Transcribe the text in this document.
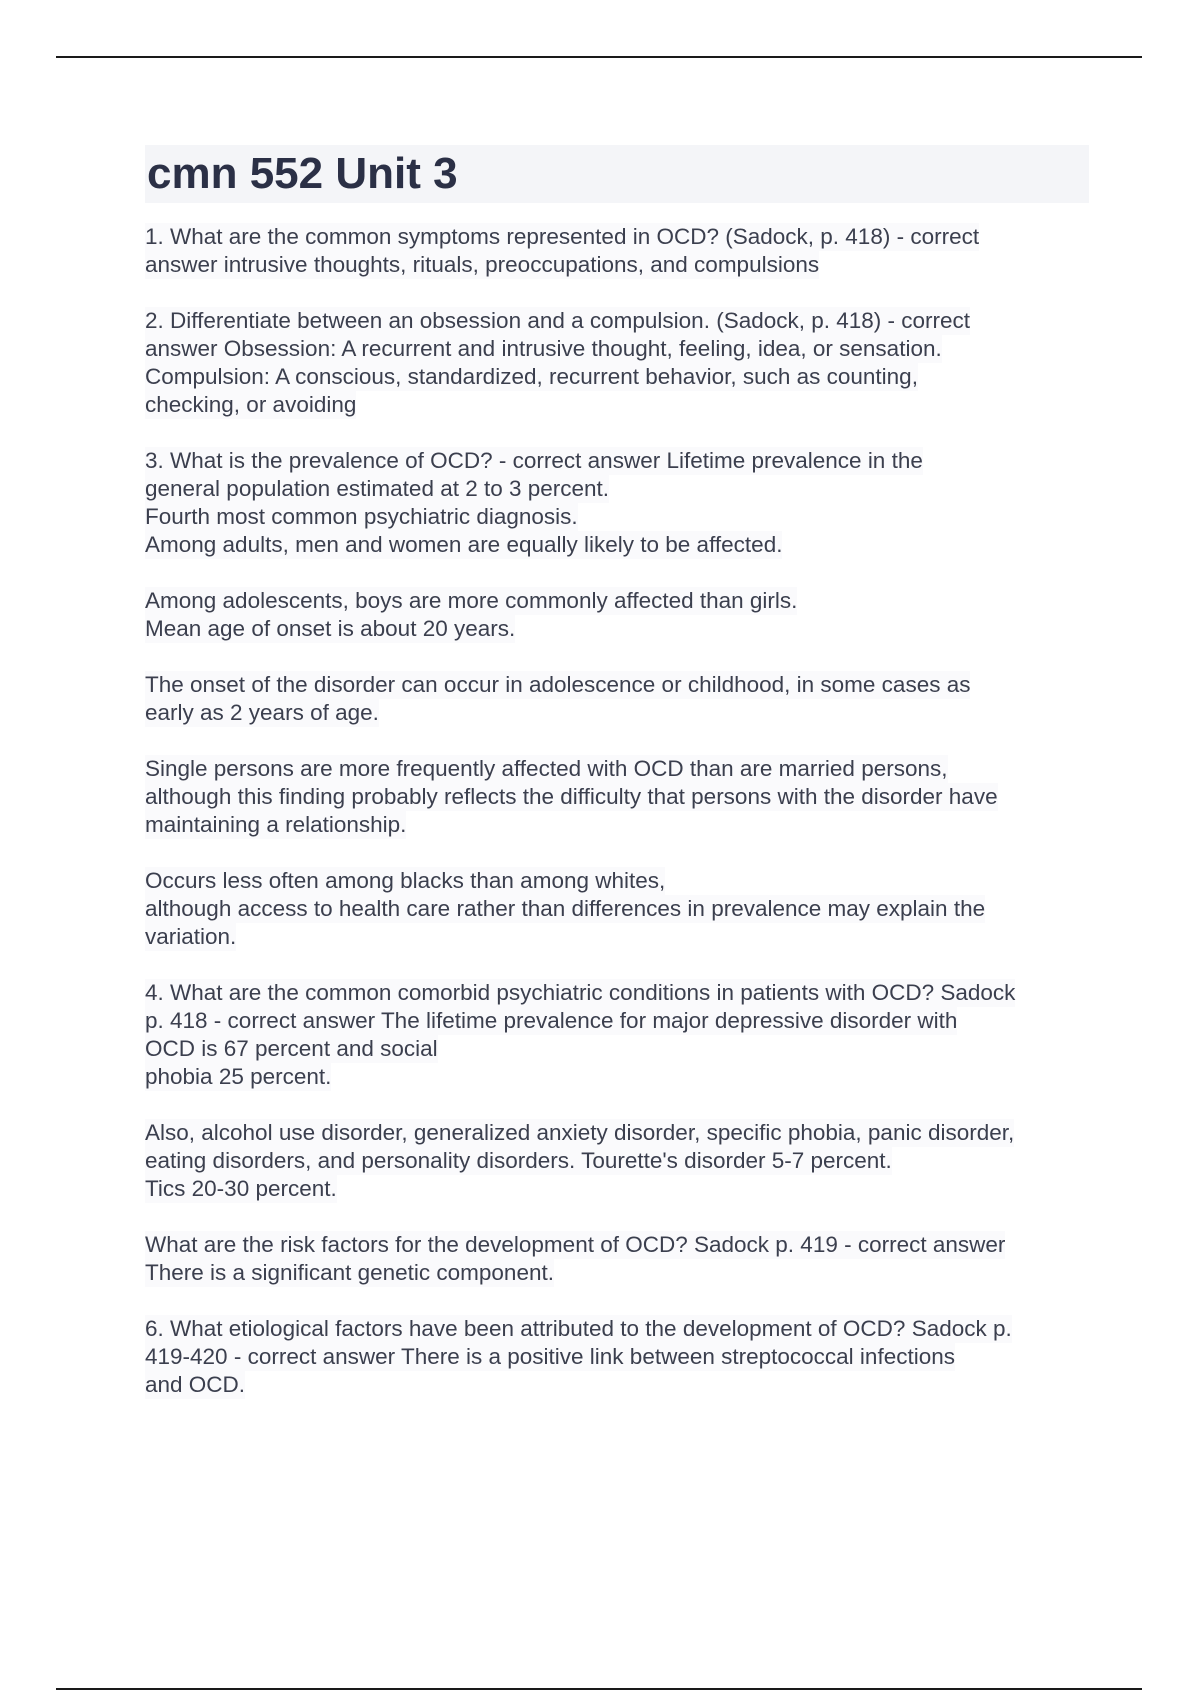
cmn 552 Unit 3
1. What are the common symptoms represented in OCD? (Sadock, p. 418) - correct
answer intrusive thoughts, rituals, preoccupations, and compulsions
2. Differentiate between an obsession and a compulsion. (Sadock, p. 418) - correct
answer Obsession: A recurrent and intrusive thought, feeling, idea, or sensation.
Compulsion: A conscious, standardized, recurrent behavior, such as counting,
checking, or avoiding
3. What is the prevalence of OCD? - correct answer Lifetime prevalence in the
general population estimated at 2 to 3 percent.
Fourth most common psychiatric diagnosis.
Among adults, men and women are equally likely to be affected.
Among adolescents, boys are more commonly affected than girls.
Mean age of onset is about 20 years.
The onset of the disorder can occur in adolescence or childhood, in some cases as
early as 2 years of age.
Single persons are more frequently affected with OCD than are married persons,
although this finding probably reflects the difficulty that persons with the disorder have
maintaining a relationship.
Occurs less often among blacks than among whites,
although access to health care rather than differences in prevalence may explain the
variation.
4. What are the common comorbid psychiatric conditions in patients with OCD? Sadock
p. 418 - correct answer The lifetime prevalence for major depressive disorder with
OCD is 67 percent and social
phobia 25 percent.
Also, alcohol use disorder, generalized anxiety disorder, specific phobia, panic disorder,
eating disorders, and personality disorders. Tourette's disorder 5-7 percent.
Tics 20-30 percent.
What are the risk factors for the development of OCD? Sadock p. 419 - correct answer
There is a significant genetic component.
6. What etiological factors have been attributed to the development of OCD? Sadock p.
419-420 - correct answer There is a positive link between streptococcal infections
and OCD.
